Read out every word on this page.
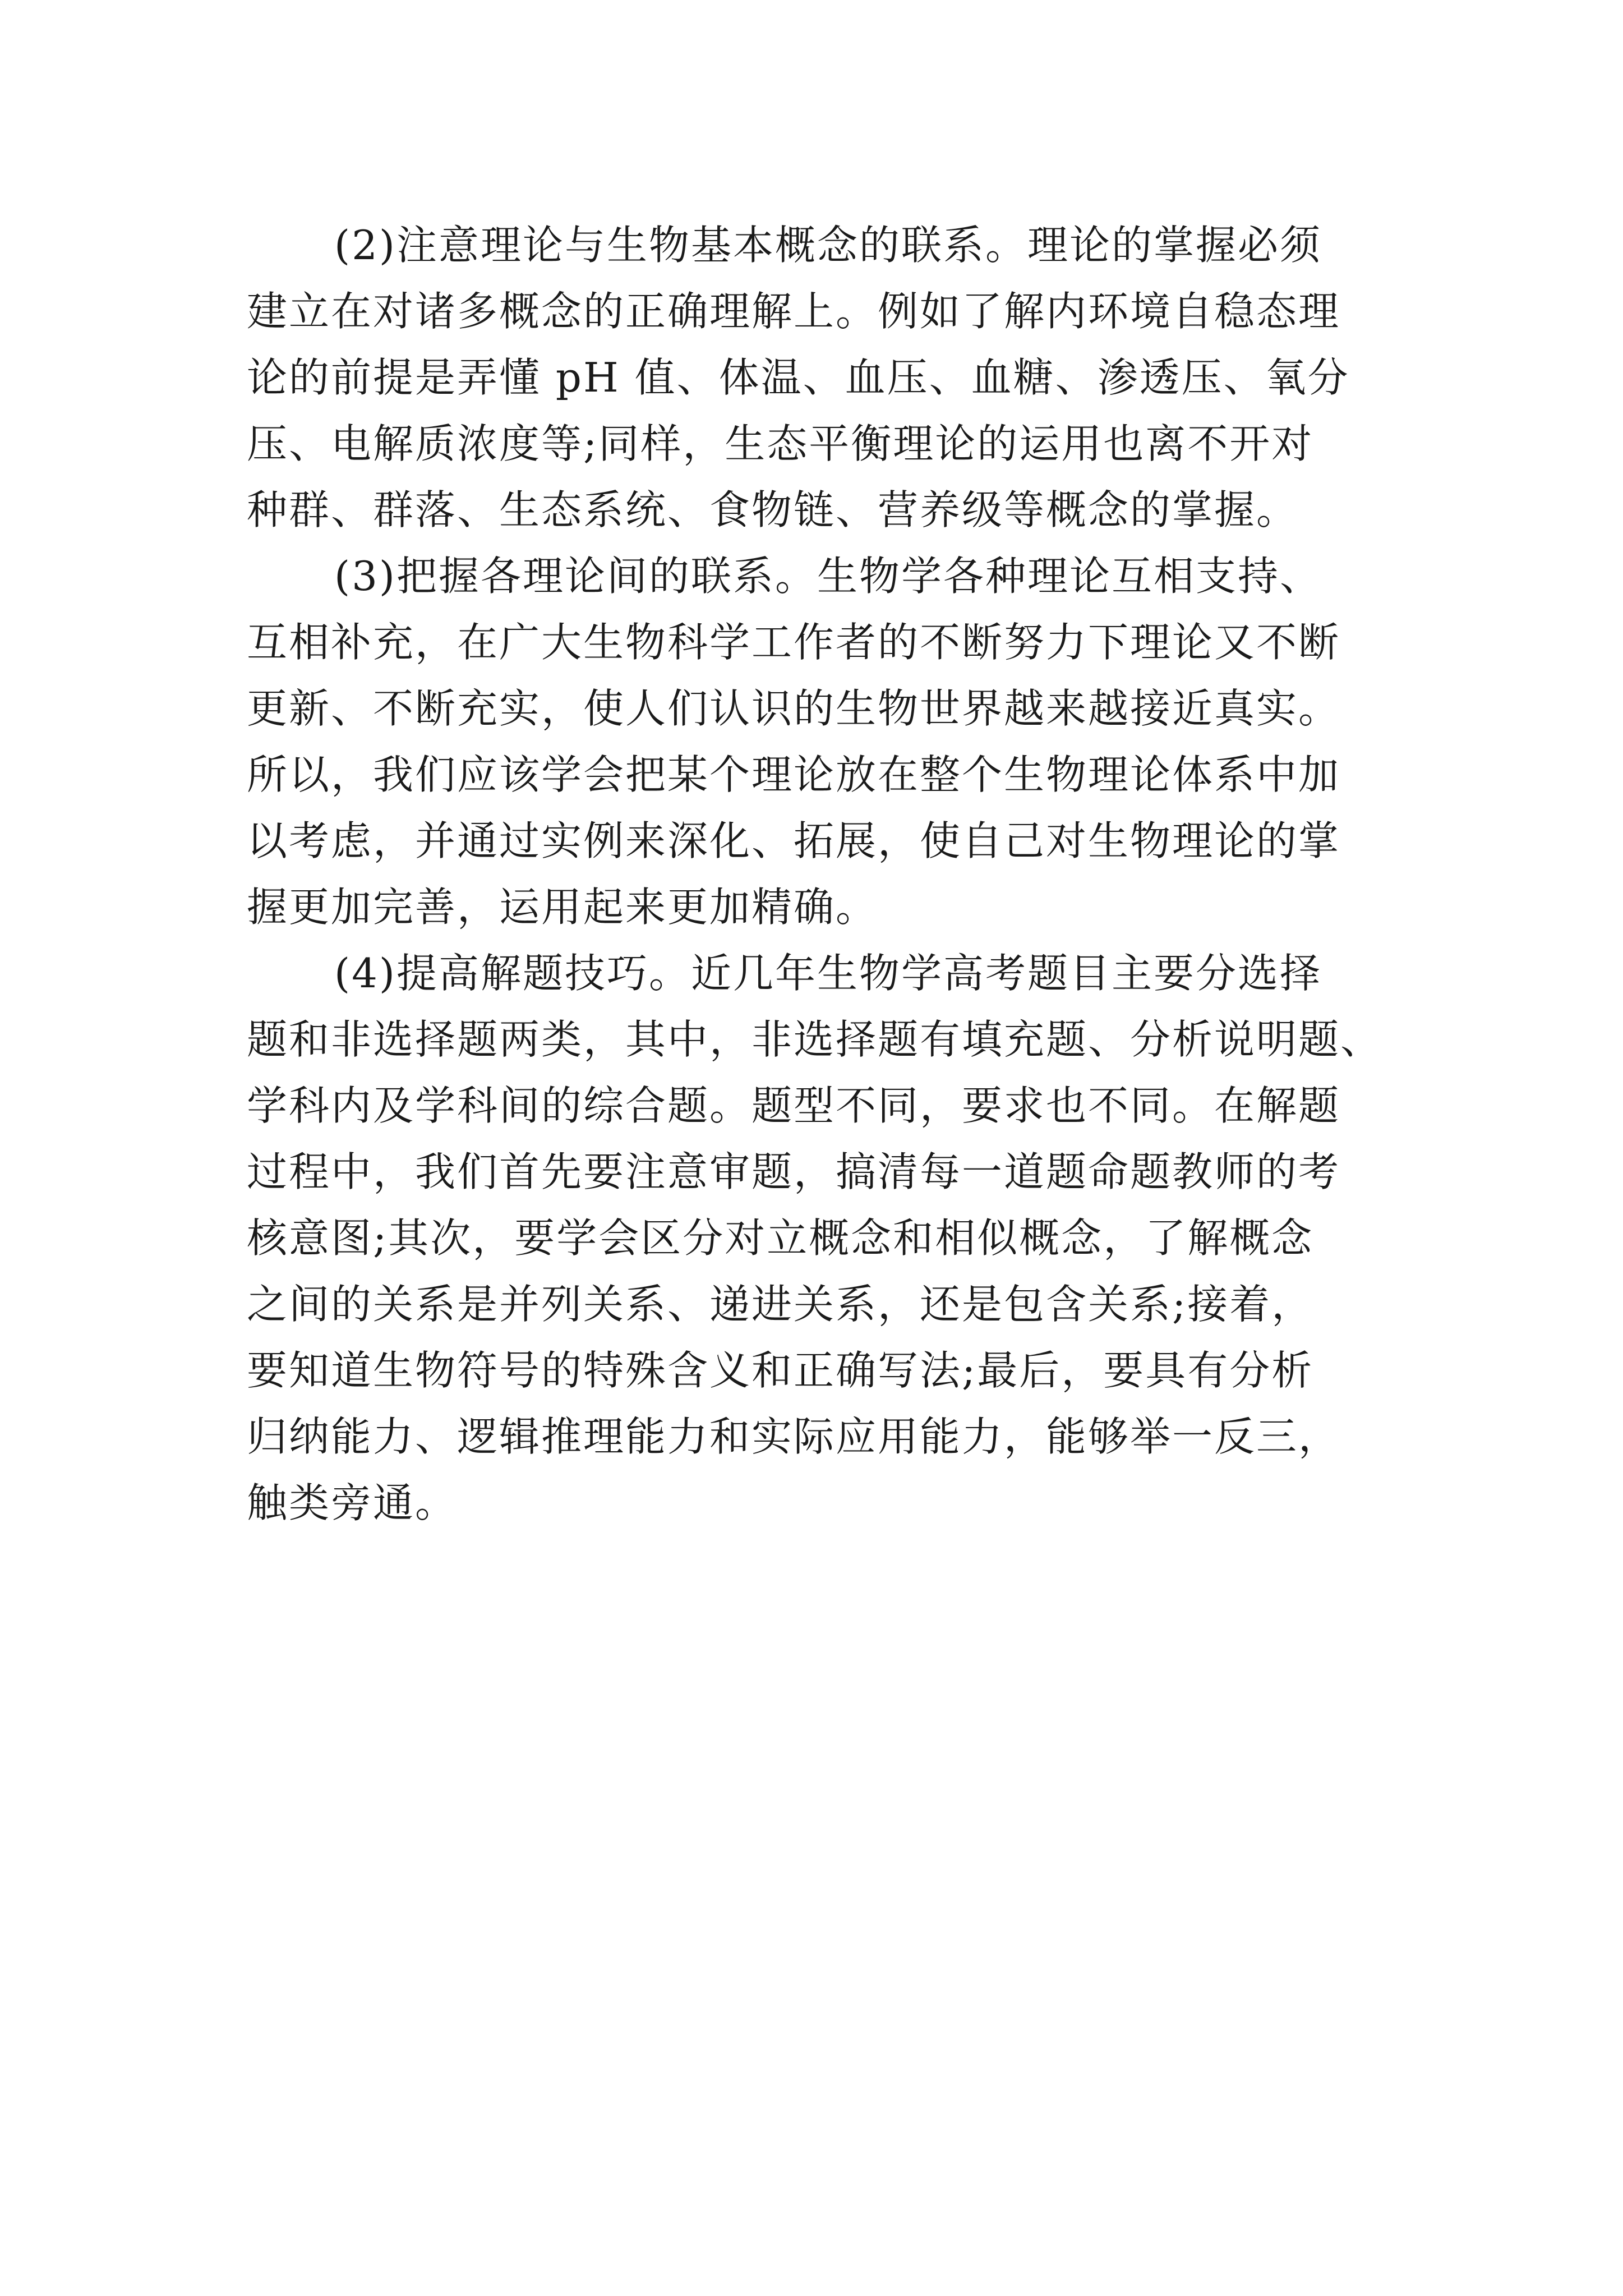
(2)注意理论与生物基本概念的联系。理论的掌握必须
建立在对诸多概念的正确理解上。例如了解内环境自稳态理
论的前提是弄懂 pH 值、体温、血压、血糖、渗透压、氧分
压、电解质浓度等;同样，生态平衡理论的运用也离不开对
种群、群落、生态系统、食物链、营养级等概念的掌握。
(3)把握各理论间的联系。生物学各种理论互相支持、
互相补充，在广大生物科学工作者的不断努力下理论又不断
更新、不断充实，使人们认识的生物世界越来越接近真实。
所以，我们应该学会把某个理论放在整个生物理论体系中加
以考虑，并通过实例来深化、拓展，使自己对生物理论的掌
握更加完善，运用起来更加精确。
(4)提高解题技巧。近几年生物学高考题目主要分选择
题和非选择题两类，其中，非选择题有填充题、分析说明题、
学科内及学科间的综合题。题型不同，要求也不同。在解题
过程中，我们首先要注意审题，搞清每一道题命题教师的考
核意图;其次，要学会区分对立概念和相似概念，了解概念
之间的关系是并列关系、递进关系，还是包含关系;接着，
要知道生物符号的特殊含义和正确写法;最后，要具有分析
归纳能力、逻辑推理能力和实际应用能力，能够举一反三，
触类旁通。
